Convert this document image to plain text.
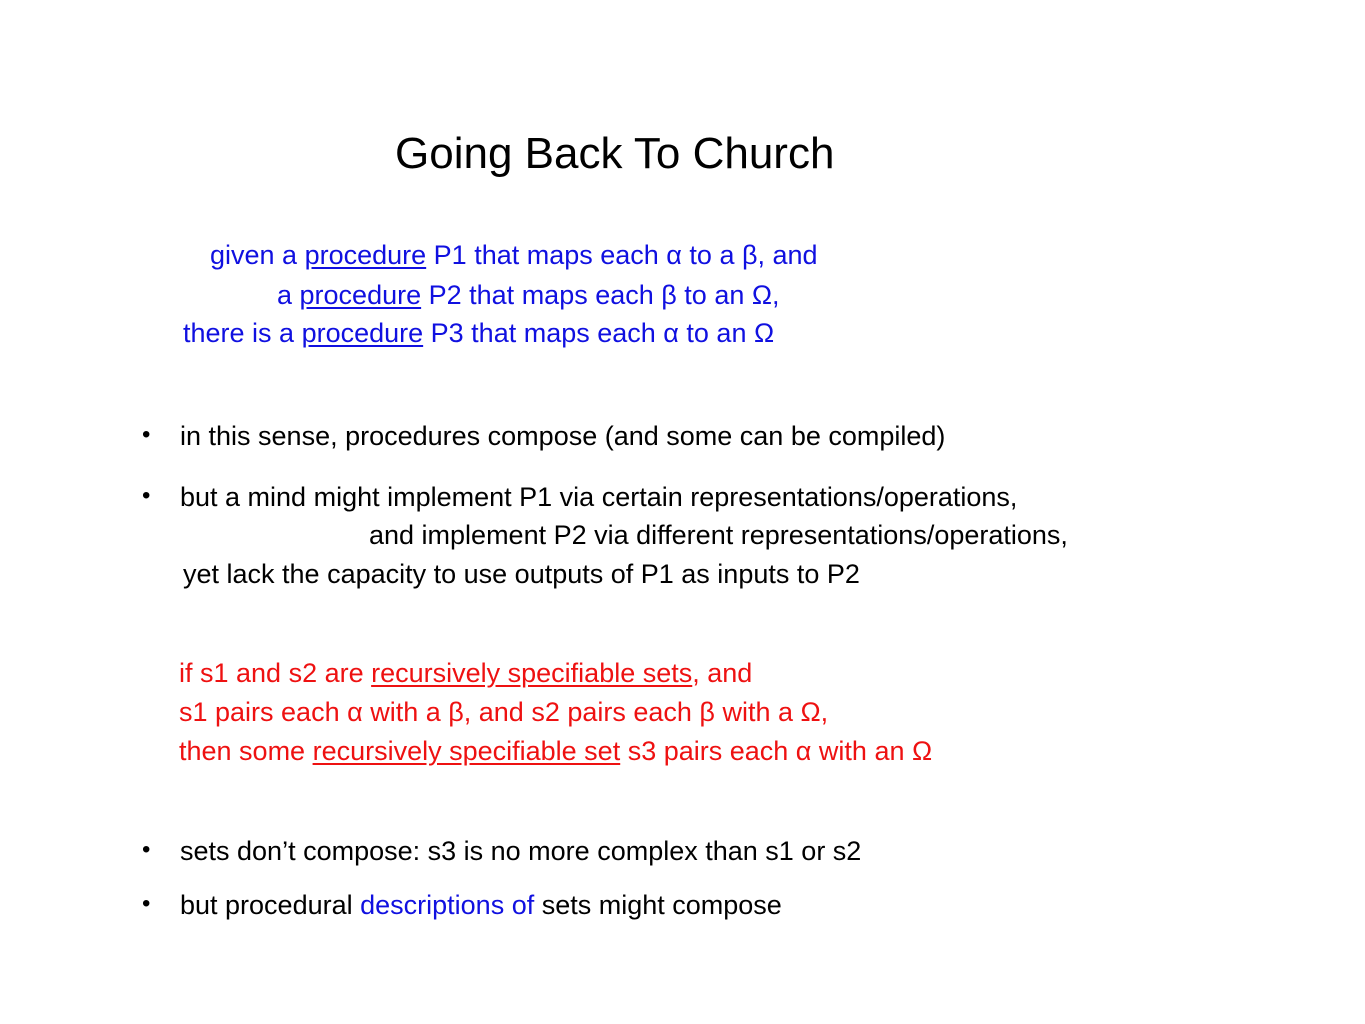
Going Back To Church
given a procedure P1 that maps each α to a β, and
a procedure P2 that maps each β to an Ω,
there is a procedure P3 that maps each α to an Ω
• in this sense, procedures compose (and some can be compiled)
• but a mind might implement P1 via certain representations/operations,
and implement P2 via different representations/operations,
yet lack the capacity to use outputs of P1 as inputs to P2
if s1 and s2 are recursively specifiable sets, and
s1 pairs each α with a β, and s2 pairs each β with a Ω,
then some recursively specifiable set s3 pairs each α with an Ω
• sets don’t compose: s3 is no more complex than s1 or s2
• but procedural descriptions of sets might compose
